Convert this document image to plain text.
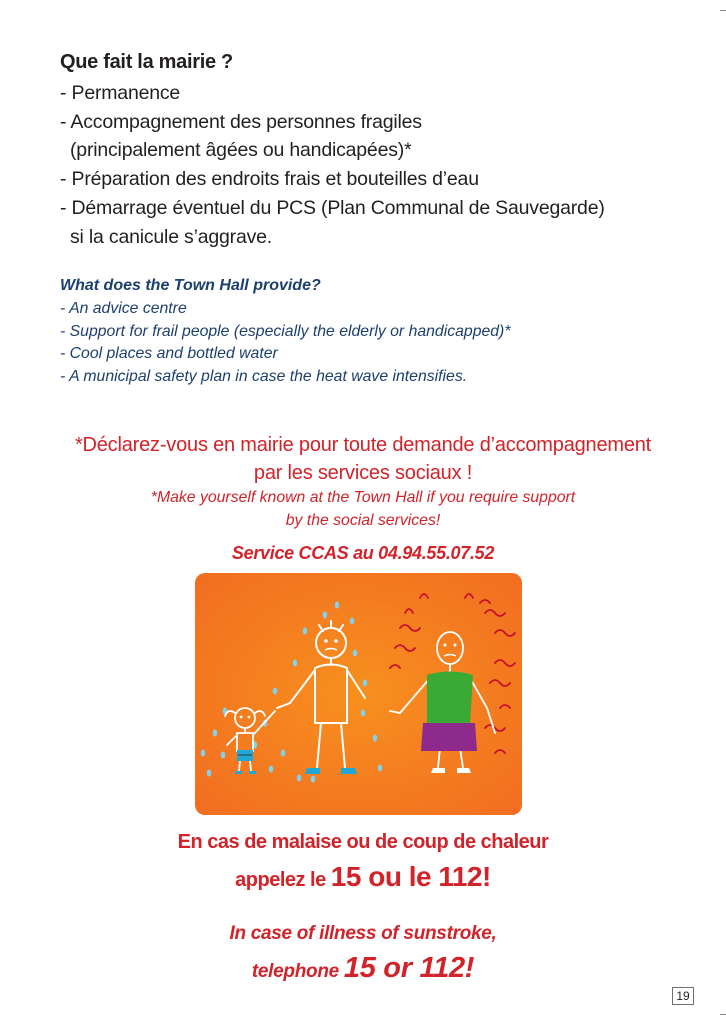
Que fait la mairie ?
- Permanence
- Accompagnement des personnes fragiles
(principalement âgées ou handicapées)*
- Préparation des endroits frais et bouteilles d’eau
- Démarrage éventuel du PCS (Plan Communal de Sauvegarde)
si la canicule s’aggrave.
What does the Town Hall provide?
- An advice centre
- Support for frail people (especially the elderly or handicapped)*
- Cool places and bottled water
- A municipal safety plan in case the heat wave intensifies.

*Déclarez-vous en mairie pour toute demande d’accompagnement
par les services sociaux !

*Make yourself known at the Town Hall if you require support
by the social services!

Service CCAS au 04.94.55.07.52

En cas de malaise ou de coup de chaleur
appelez le 15 ou le 112!

In case of illness of sunstroke,
telephone 15 or 112!

19
